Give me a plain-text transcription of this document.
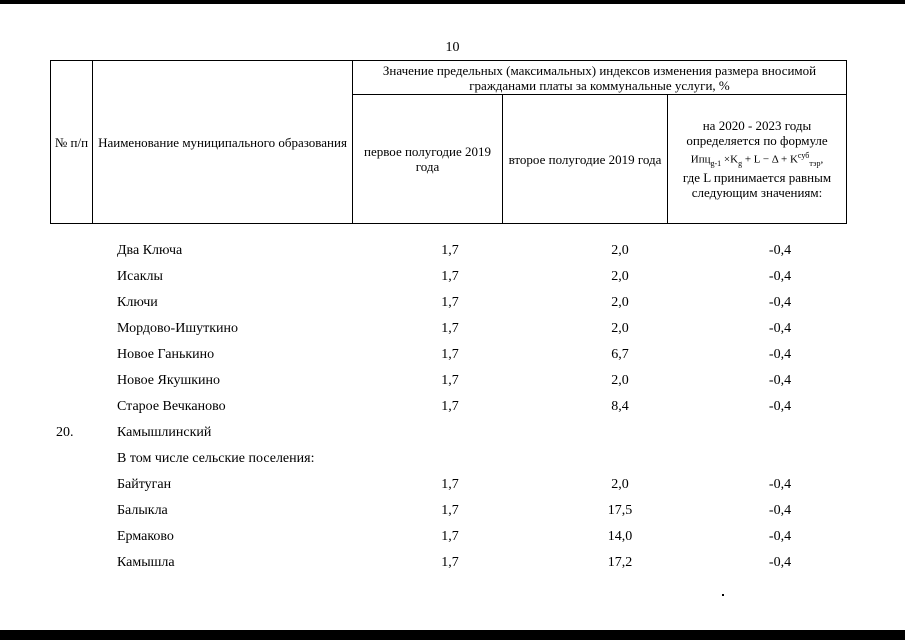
10
№ п/п	Наименование муниципального образования	Значение предельных (максимальных) индексов изменения размера вносимой гражданами платы за коммунальные услуги, %		
		первое полугодие 2019 года	второе полугодие 2019 года	на 2020 - 2023 годы определяется по формуле
$Ипц_{g-1} \times K_g + L - \Delta + K^{суб}_{тэр}$,
где L принимается равным следующим значениям:
Два Ключа	1,7	2,0	-0,4
Исаклы	1,7	2,0	-0,4
Ключи	1,7	2,0	-0,4
Мордово-Ишуткино	1,7	2,0	-0,4
Новое Ганькино	1,7	6,7	-0,4
Новое Якушкино	1,7	2,0	-0,4
Старое Вечканово	1,7	8,4	-0,4
20.	Камышлинский
В том числе сельские поселения:
Байтуган	1,7	2,0	-0,4
Балыкла	1,7	17,5	-0,4
Ермаково	1,7	14,0	-0,4
Камышла	1,7	17,2	-0,4
